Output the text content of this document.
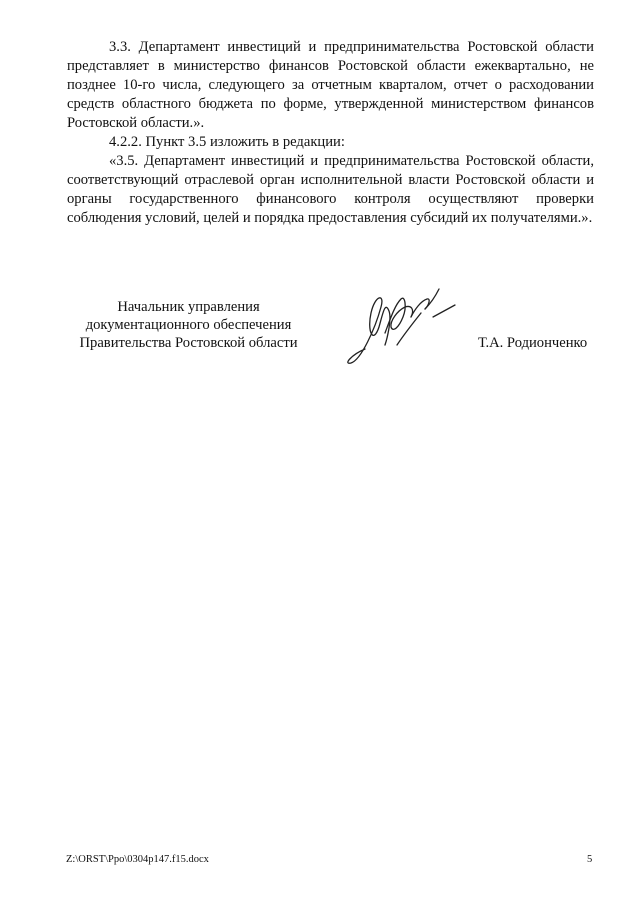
3.3. Департамент инвестиций и предпринимательства Ростовской области представляет в министерство финансов Ростовской области ежеквартально, не позднее 10-го числа, следующего за отчетным кварталом, отчет о расходовании средств областного бюджета по форме, утвержденной министерством финансов Ростовской области.».

4.2.2. Пункт 3.5 изложить в редакции:

«3.5. Департамент инвестиций и предпринимательства Ростовской области, соответствующий отраслевой орган исполнительной власти Ростовской области и органы государственного финансового контроля осуществляют проверки соблюдения условий, целей и порядка предоставления субсидий их получателями.».

Начальник управления
документационного обеспечения
Правительства Ростовской области	Т.А. Родионченко
Z:\ORST\Ppo\0304p147.f15.docx	5
